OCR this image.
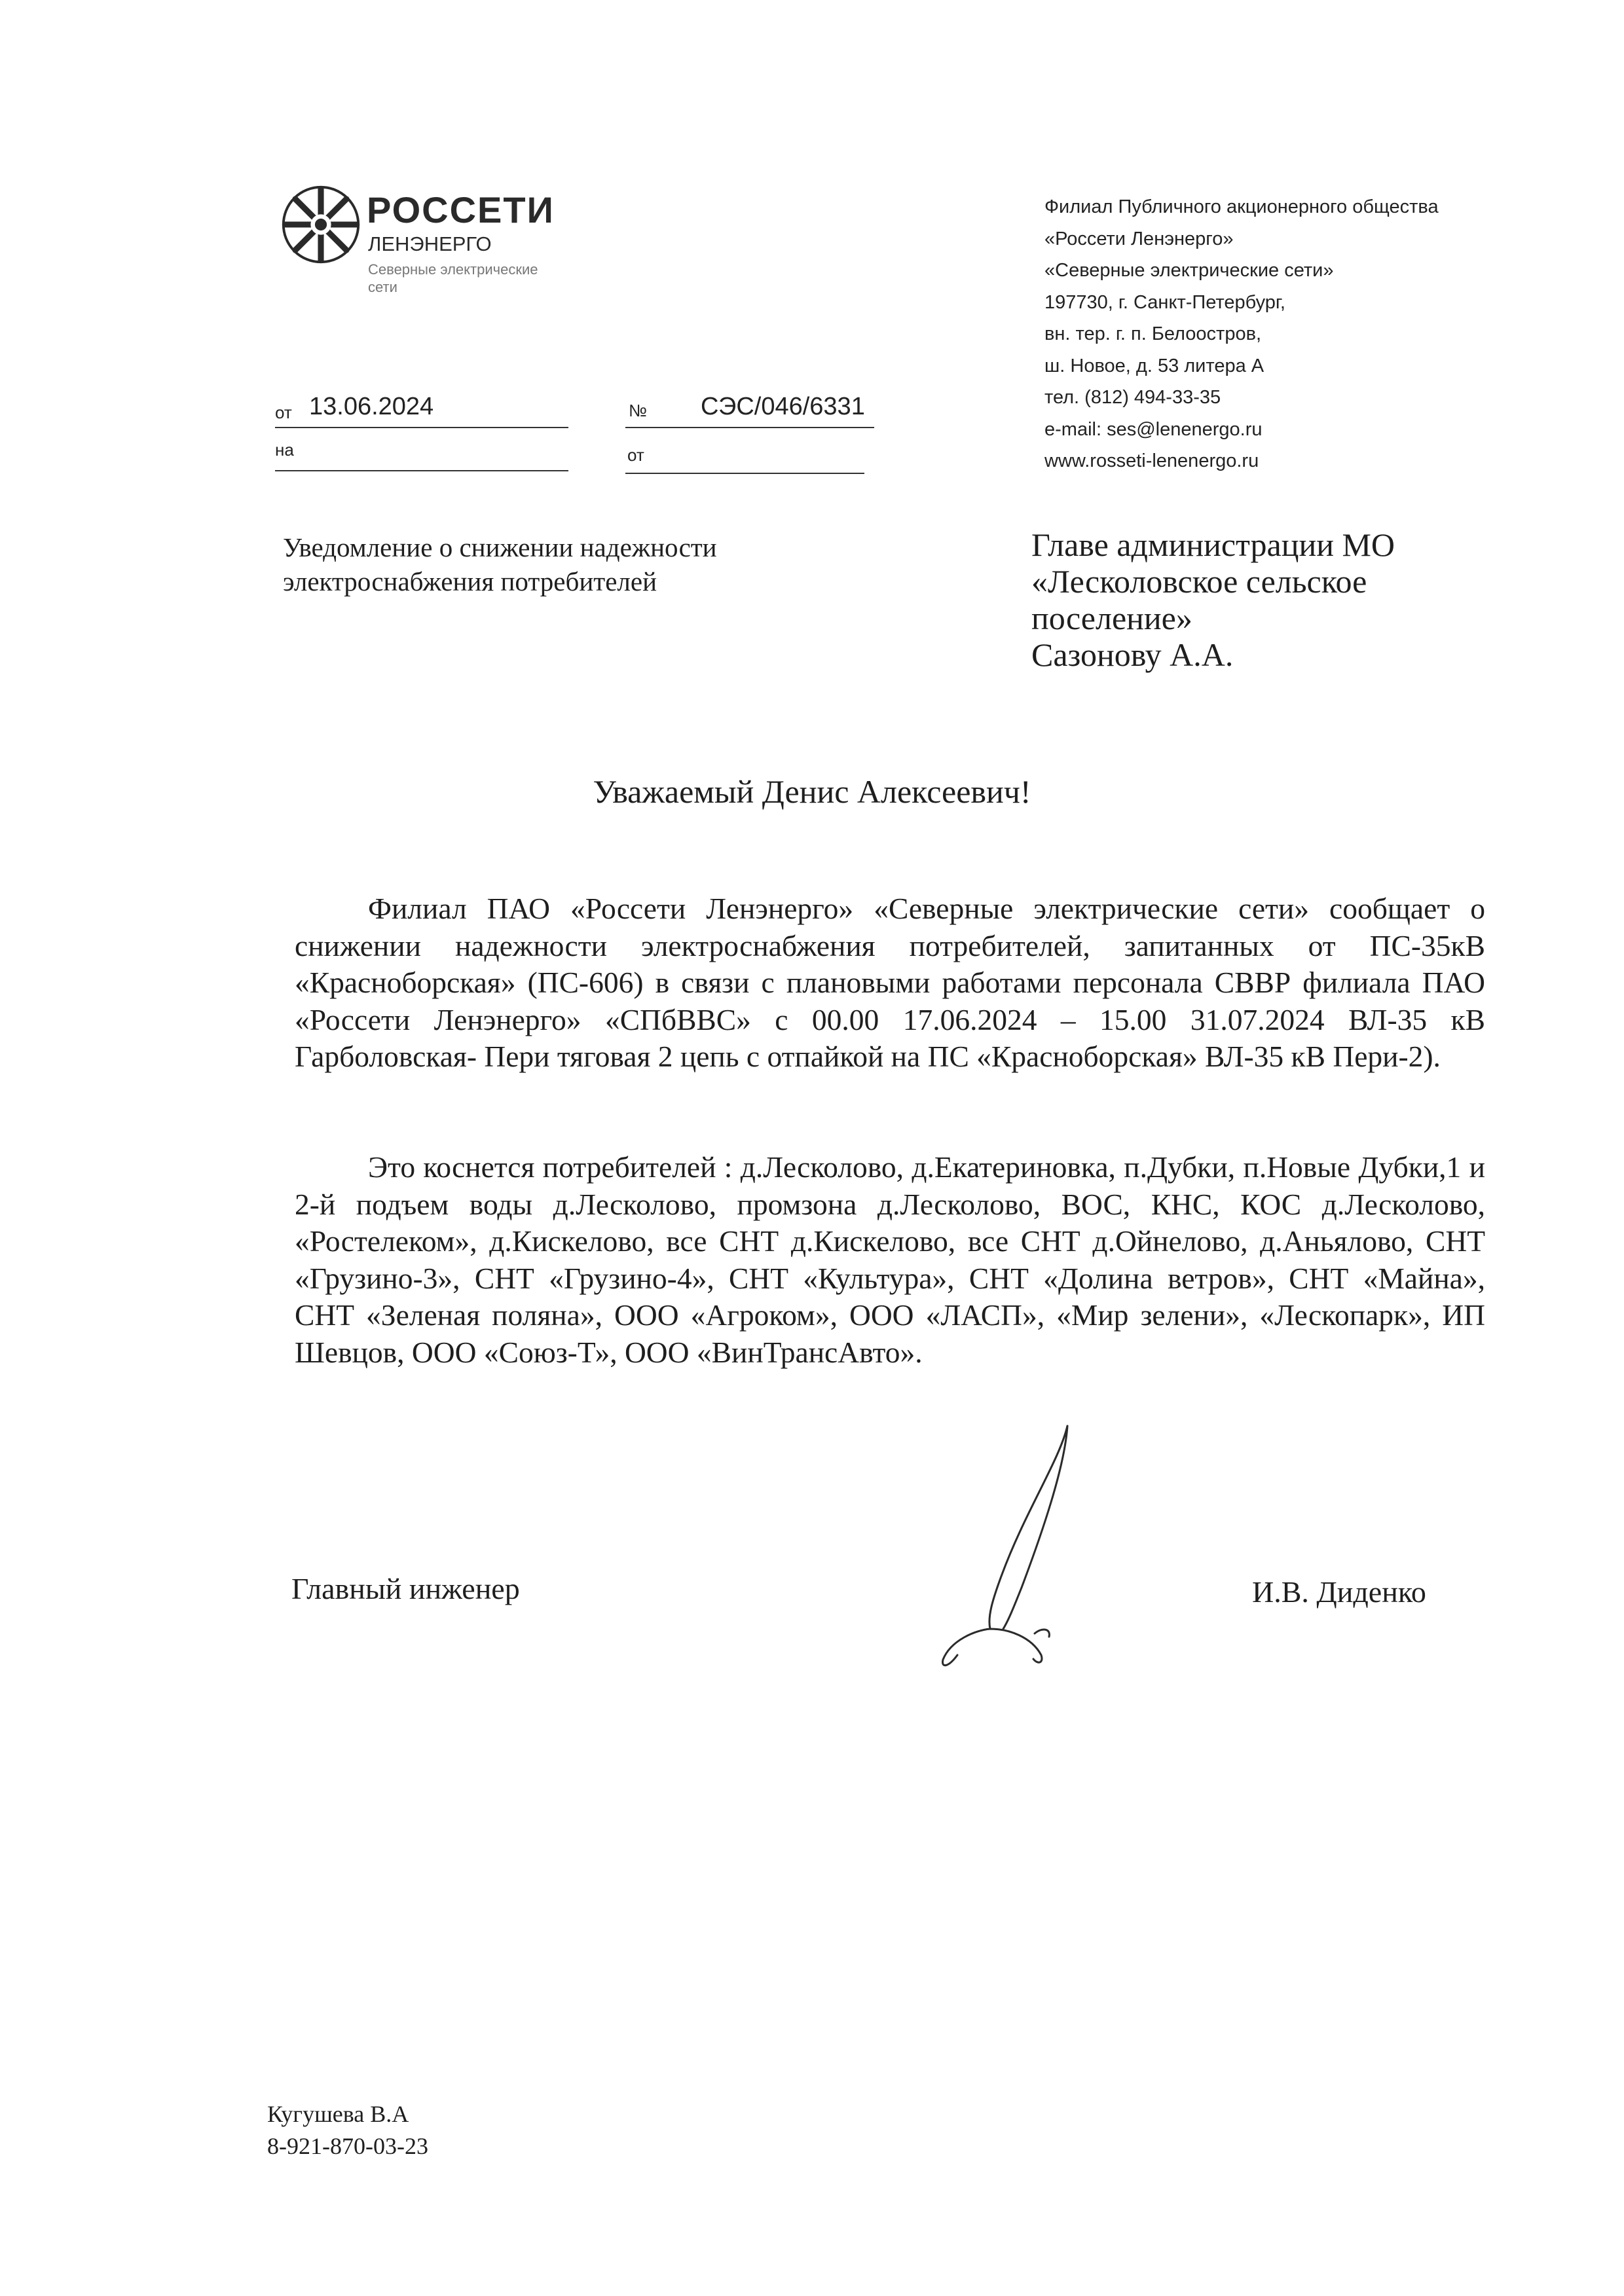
РОССЕТИ
ЛЕНЭНЕРГО
Северные электрические сети
Филиал Публичного акционерного общества
«Россети Ленэнерго»
«Северные электрические сети»
197730, г. Санкт-Петербург,
вн. тер. г. п. Белоостров,
ш. Новое, д. 53 литера А
тел. (812) 494-33-35
e-mail: ses@lenenergo.ru
www.rosseti-lenenergo.ru
от 13.06.2024
на
№ СЭС/046/6331
от
Уведомление о снижении надежности
электроснабжения потребителей
Главе администрации МО
«Лесколовское сельское
поселение»
Сазонову А.А.
Уважаемый Денис Алексеевич!

Филиал ПАО «Россети Ленэнерго» «Северные электрические сети» сообщает о снижении надежности электроснабжения потребителей, запитанных от ПС-35кВ «Красноборская» (ПС-606) в связи с плановыми работами персонала СВВР филиала ПАО «Россети Ленэнерго» «СПбВВС» с 00.00 17.06.2024 – 15.00 31.07.2024 ВЛ-35 кВ Гарболовская- Пери тяговая 2 цепь с отпайкой на ПС «Красноборская» ВЛ-35 кВ Пери-2).

Это коснется потребителей : д.Лесколово, д.Екатериновка, п.Дубки, п.Новые Дубки,1 и 2-й подъем воды д.Лесколово, промзона д.Лесколово, ВОС, КНС, КОС д.Лесколово, «Ростелеком», д.Кискелово, все СНТ д.Кискелово, все СНТ д.Ойнелово, д.Аньялово, СНТ «Грузино-3», СНТ «Грузино-4», СНТ «Культура», СНТ «Долина ветров», СНТ «Майна», СНТ «Зеленая поляна», ООО «Агроком», ООО «ЛАСП», «Мир зелени», «Лескопарк», ИП Шевцов, ООО «Союз-Т», ООО «ВинТрансАвто».

Главный инженер	И.В. Диденко
Кугушева В.А
8-921-870-03-23
